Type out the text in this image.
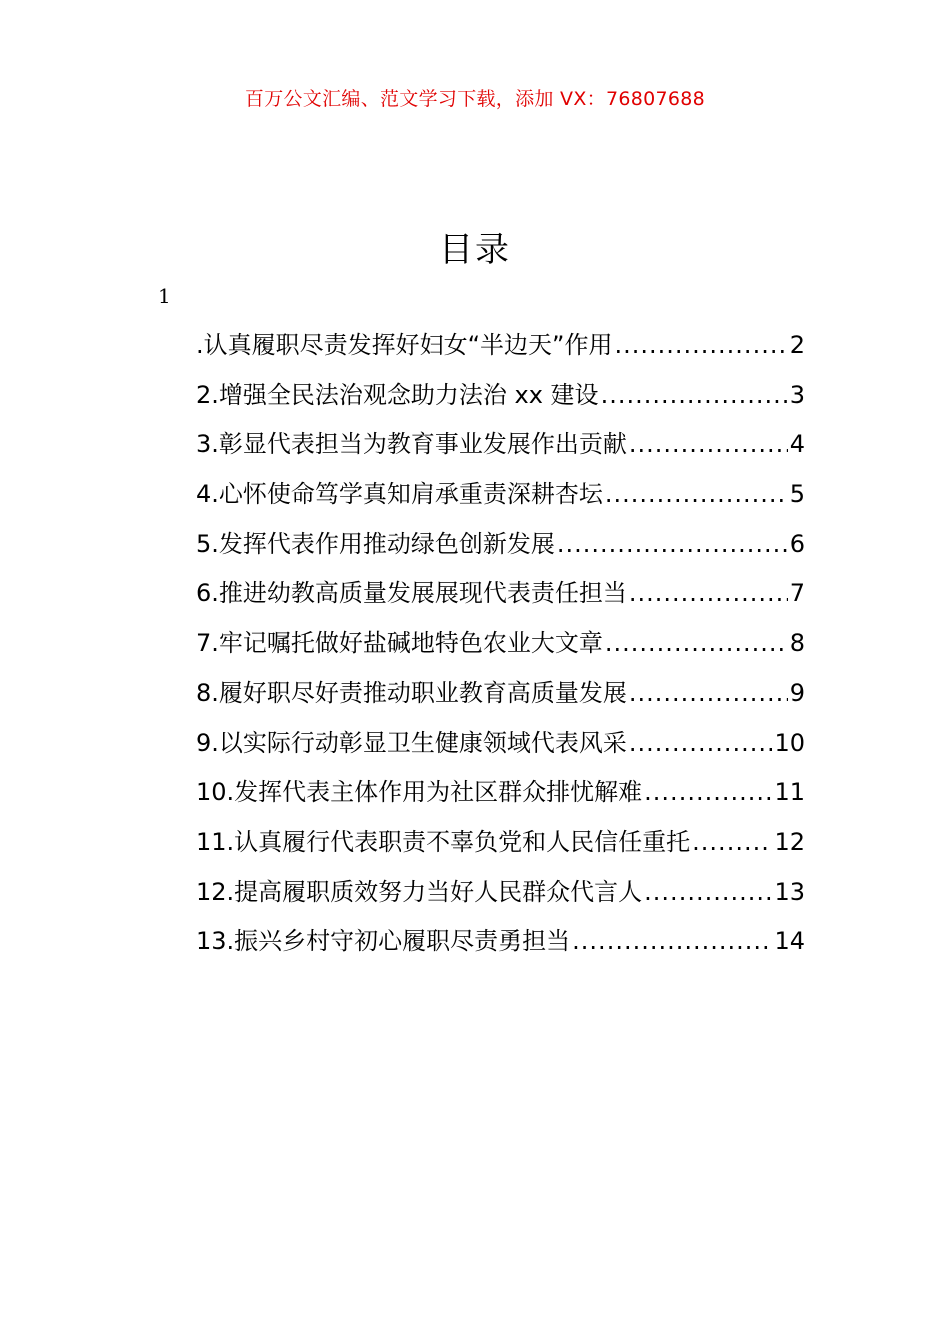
百万公文汇编、范文学习下载，添加 VX：76807688
目录
1
.认真履职尽责发挥好妇女“半边天”作用 .....	2
2.增强全民法治观念助力法治 xx 建设 .....	3
3.彰显代表担当为教育事业发展作出贡献 .....	4
4.心怀使命笃学真知肩承重责深耕杏坛 .....	5
5.发挥代表作用推动绿色创新发展 .....	6
6.推进幼教高质量发展展现代表责任担当 .....	7
7.牢记嘱托做好盐碱地特色农业大文章 .....	8
8.履好职尽好责推动职业教育高质量发展 .....	9
9.以实际行动彰显卫生健康领域代表风采 .....	10
10.发挥代表主体作用为社区群众排忧解难 .....	11
11.认真履行代表职责不辜负党和人民信任重托 .....	12
12.提高履职质效努力当好人民群众代言人 .....	13
13.振兴乡村守初心履职尽责勇担当 .....	14
